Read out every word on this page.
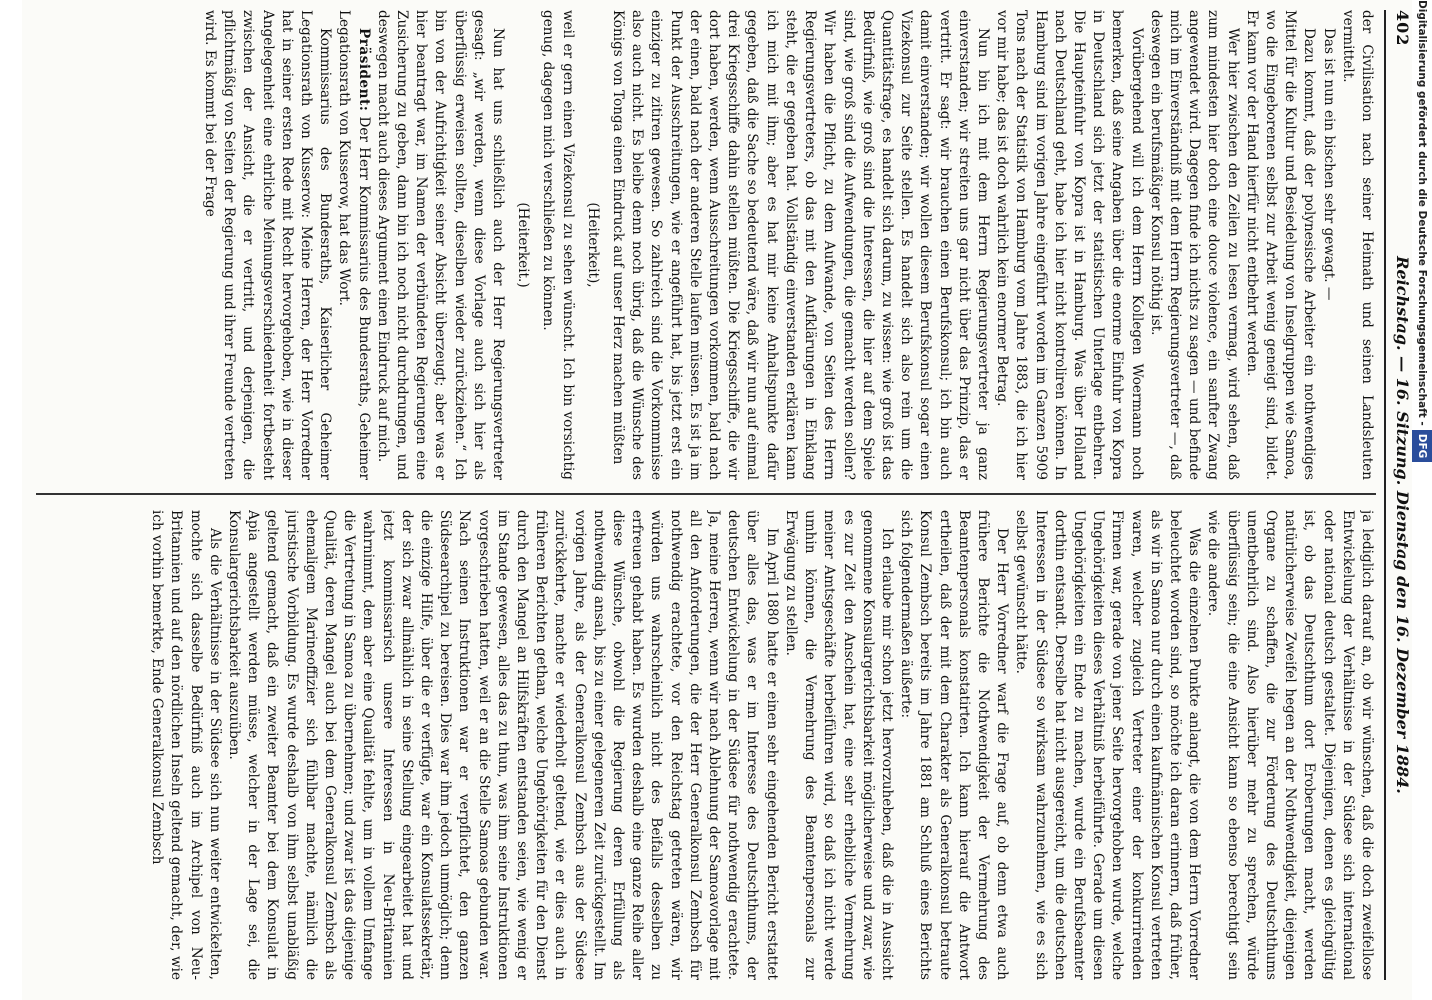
402
Reichstag. — 16. Sitzung. Dienstag den 16. Dezember 1884.

der Civilisation nach seiner Heimath und seinen Landsleuten vermittelt.

Das ist nun ein bischen sehr gewagt. —

Dazu kommt, daß der polynesische Arbeiter ein nothwendiges Mittel für die Kultur und Besiedelung von Inselgruppen wie Samoa, wo die Eingeborenen selbst zur Arbeit wenig geneigt sind, bildet. Er kann vor der Hand hierfür nicht entbehrt werden.

Wer hier zwischen den Zeilen zu lesen vermag, wird sehen, daß zum mindesten hier doch eine douce violence, ein sanfter Zwang angewendet wird. Dagegen finde ich nichts zu sagen — und befinde mich im Einverständniß mit dem Herrn Regierungsvertreter —, daß deswegen ein berufsmäßiger Konsul nöthig ist.

Vorübergehend will ich dem Herrn Kollegen Woermann noch bemerken, daß seine Angaben über die enorme Einfuhr von Kopra in Deutschland sich jetzt der statistischen Unterlage entbehren. Die Haupteinfuhr von Kopra ist in Hamburg. Was über Holland nach Deutschland geht, habe ich hier nicht kontroliren können. In Hamburg sind im vorigen Jahre eingeführt worden im Ganzen 5909 Tons nach der Statistik von Hamburg vom Jahre 1883, die ich hier vor mir habe; das ist doch wahrlich kein enormer Betrag.

Nun bin ich mit dem Herrn Regierungsvertreter ja ganz einverstanden; wir streiten uns gar nicht über das Prinzip, das er vertritt. Er sagt: wir brauchen einen Berufskonsul; ich bin auch damit einverstanden; wir wollen diesem Berufskonsul sogar einen Vizekonsul zur Seite stellen. Es handelt sich also rein um die Quantitätsfrage, es handelt sich darum, zu wissen: wie groß ist das Bedürfniß, wie groß sind die Interessen, die hier auf dem Spiele sind, wie groß sind die Aufwendungen, die gemacht werden sollen? Wir haben die Pflicht, zu dem Aufwande, von Seiten des Herrn Regierungsvertreters, ob das mit den Aufklärungen in Einklang steht, die er gegeben hat. Vollständig einverstanden erklären kann ich mich mit ihm; aber es hat mir keine Anhaltspunkte dafür gegeben, daß die Sache so bedeutend wäre, daß wir nun auf einmal drei Kriegsschiffe dahin stellen müßten. Die Kriegsschiffe, die wir dort haben, werden, wenn Ausschreitungen vorkommen, bald nach der einen, bald nach der anderen Stelle laufen müssen. Es ist ja im Punkt der Ausschreitungen, wie er angeführt hat, bis jetzt erst ein einziger zu zitiren gewesen. So zahlreich sind die Vorkommnisse also auch nicht. Es bleibe denn noch übrig, daß die Wünsche des Königs von Tonga einen Eindruck auf unser Herz machen müßten

(Heiterkeit),

weil er gern einen Vizekonsul zu sehen wünscht. Ich bin vorsichtig genug, dagegen mich verschließen zu können.

(Heiterkeit.)

Nun hat uns schließlich auch der Herr Regierungsvertreter gesagt: „wir werden, wenn diese Vorlage auch sich hier als überflüssig erweisen sollten, dieselben wieder zurückziehen.“ Ich bin von der Aufrichtigkeit seiner Absicht überzeugt; aber was er hier beantragt war, im Namen der verbündeten Regierungen eine Zusicherung zu geben, dann bin ich noch nicht durchdrungen, und deswegen macht auch dieses Argument einen Eindruck auf mich.

Präsident: Der Herr Kommissarius des Bundesraths, Geheimer Legationsrath von Kusserow, hat das Wort.

Kommissarius des Bundesraths, Kaiserlicher Geheimer Legationsrath von Kusserow: Meine Herren, der Herr Vorredner hat in seiner ersten Rede mit Recht hervorgehoben, wie in dieser Angelegenheit eine ehrliche Meinungsverschiedenheit fortbesteht zwischen der Ansicht, die er vertritt, und derjenigen, die pflichtmäßig von Seiten der Regierung und ihrer Freunde vertreten wird. Es kommt bei der Frage

ja lediglich darauf an, ob wir wünschen, daß die doch zweifellose Entwickelung der Verhältnisse in der Südsee sich international oder national deutsch gestaltet. Diejenigen, denen es gleichgültig ist, ob das Deutschthum dort Eroberungen macht, werden natürlicherweise Zweifel hegen an der Nothwendigkeit, diejenigen Organe zu schaffen, die zur Förderung des Deutschthums unentbehrlich sind. Also hierüber mehr zu sprechen, würde überflüssig sein; die eine Ansicht kann so ebenso berechtigt sein wie die andere.

Was die einzelnen Punkte anlangt, die von dem Herrn Vorredner beleuchtet worden sind, so möchte ich daran erinnern, daß früher, als wir in Samoa nur durch einen kaufmännischen Konsul vertreten waren, welcher zugleich Vertreter einer der konkurrirenden Firmen war, gerade von jener Seite hervorgehoben wurde, welche Ungehörigkeiten dieses Verhältniß herbeiführte. Gerade um diesen Ungehörigkeiten ein Ende zu machen, wurde ein Berufsbeamter dorthin entsandt. Derselbe hat nicht ausgereicht, um die deutschen Interessen in der Südsee so wirksam wahrzunehmen, wie es sich selbst gewünscht hätte.

Der Herr Vorredner warf die Frage auf, ob denn etwa auch frühere Berichte die Nothwendigkeit der Vermehrung des Beamtenpersonals konstatirten. Ich kann hierauf die Antwort ertheilen, daß der mit dem Charakter als Generalkonsul betraute Konsul Zembsch bereits im Jahre 1881 am Schluß eines Berichts sich folgendermaßen äußerte:

Ich erlaube mir schon jetzt hervorzuheben, daß die in Aussicht genommene Konsulargerichtsbarkeit möglicherweise und zwar, wie es zur Zeit den Anschein hat, eine sehr erhebliche Vermehrung meiner Amtsgeschäfte herbeiführen wird, so daß ich nicht werde umhin können, die Vermehrung des Beamtenpersonals zur Erwägung zu stellen.

Im April 1880 hatte er einen sehr eingehenden Bericht erstattet über alles das, was er im Interesse des Deutschthums, der deutschen Entwickelung in der Südsee für nothwendig erachtete. Ja, meine Herren, wenn wir nach Ablehnung der Samoavorlage mit all den Anforderungen, die der Herr Generalkonsul Zembsch für nothwendig erachtete, vor den Reichstag getreten wären, wir würden uns wahrscheinlich nicht des Beifalls desselben zu erfreuen gehabt haben. Es wurden deshalb eine ganze Reihe aller diese Wünsche, obwohl die Regierung deren Erfüllung als nothwendig ansah, bis zu einer gelegeneren Zeit zurückgestellt. Im vorigen Jahre, als der Generalkonsul Zembsch aus der Südsee zurückkehrte, machte er wiederholt geltend, wie er dies auch in früheren Berichten gethan, welche Ungehörigkeiten für den Dienst durch den Mangel an Hilfskräften entstanden seien, wie wenig er im Stande gewesen, alles das zu thun, was ihm seine Instruktionen vorgeschrieben hatten, weil er an die Stelle Samoas gebunden war. Nach seinen Instruktionen war er verpflichtet, den ganzen Südseearchipel zu bereisen. Dies war ihm jedoch unmöglich; denn die einzige Hilfe, über die er verfügte, war ein Konsulatssekretär, der sich zwar allmählich in seine Stellung eingearbeitet hat und jetzt kommissarisch unsere Interessen in Neu-Britannien wahrnimmt, dem aber eine Qualität fehlte, um in vollem Umfange die Vertretung in Samoa zu übernehmen; und zwar ist das diejenige Qualität, deren Mangel auch bei dem Generalkonsul Zembsch als ehemaligem Marineoffizier sich fühlbar machte, nämlich die juristische Vorbildung. Es wurde deshalb von ihm selbst unabläßig geltend gemacht, daß ein zweiter Beamter bei dem Konsulat in Apia angestellt werden müsse, welcher in der Lage sei, die Konsulargerichtsbarkeit auszuüben.

Als die Verhältnisse in der Südsee sich nun weiter entwickelten, mochte sich dasselbe Bedürfniß auch im Archipel von Neu-Britannien und auf den nördlichen Inseln geltend gemacht, der, wie ich vorhin bemerkte, Ende Generalkonsul Zembsch

Digitalisierung gefördert durch die Deutsche Forschungsgemeinschaft -DFG
